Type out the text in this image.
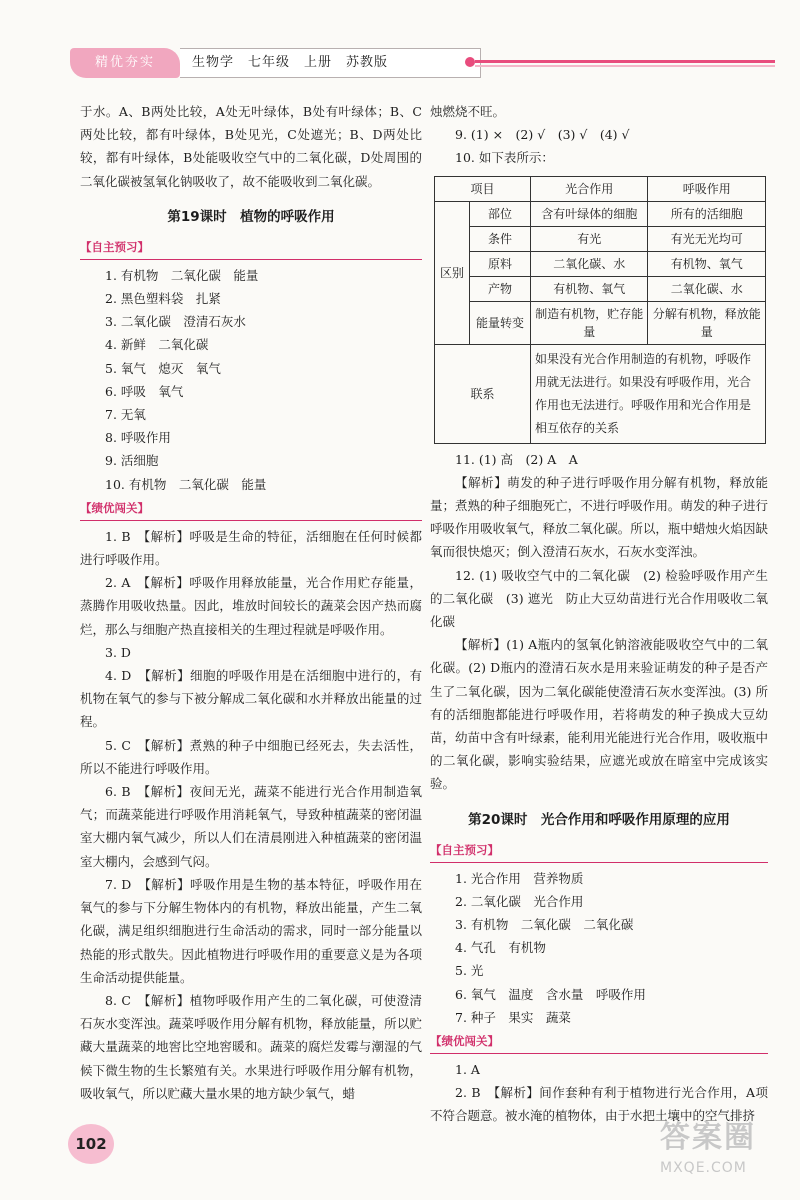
精优夯实	生物学　七年级　上册　苏教版

于水。A、B两处比较，A处无叶绿体，B处有叶绿体；B、C两处比较，都有叶绿体，B处见光，C处遮光；B、D两处比较，都有叶绿体，B处能吸收空气中的二氧化碳，D处周围的二氧化碳被氢氧化钠吸收了，故不能吸收到二氧化碳。

第19课时　植物的呼吸作用
【自主预习】

1. 有机物　二氧化碳　能量

2. 黑色塑料袋　扎紧

3. 二氧化碳　澄清石灰水

4. 新鲜　二氧化碳

5. 氧气　熄灭　氧气

6. 呼吸　氧气

7. 无氧

8. 呼吸作用

9. 活细胞

10. 有机物　二氧化碳　能量

【绩优闯关】

1. B　【解析】呼吸是生命的特征，活细胞在任何时候都进行呼吸作用。

2. A　【解析】呼吸作用释放能量，光合作用贮存能量，蒸腾作用吸收热量。因此，堆放时间较长的蔬菜会因产热而腐烂，那么与细胞产热直接相关的生理过程就是呼吸作用。

3. D

4. D　【解析】细胞的呼吸作用是在活细胞中进行的，有机物在氧气的参与下被分解成二氧化碳和水并释放出能量的过程。

5. C　【解析】煮熟的种子中细胞已经死去，失去活性，所以不能进行呼吸作用。

6. B　【解析】夜间无光，蔬菜不能进行光合作用制造氧气；而蔬菜能进行呼吸作用消耗氧气，导致种植蔬菜的密闭温室大棚内氧气减少，所以人们在清晨刚进入种植蔬菜的密闭温室大棚内，会感到气闷。

7. D　【解析】呼吸作用是生物的基本特征，呼吸作用在氧气的参与下分解生物体内的有机物，释放出能量，产生二氧化碳，满足组织细胞进行生命活动的需求，同时一部分能量以热能的形式散失。因此植物进行呼吸作用的重要意义是为各项生命活动提供能量。

8. C　【解析】植物呼吸作用产生的二氧化碳，可使澄清石灰水变浑浊。蔬菜呼吸作用分解有机物，释放能量，所以贮藏大量蔬菜的地窖比空地窖暖和。蔬菜的腐烂发霉与潮湿的气候下微生物的生长繁殖有关。水果进行呼吸作用分解有机物，吸收氧气，所以贮藏大量水果的地方缺少氧气，蜡

烛燃烧不旺。

9. (1) ×　(2) √　(3) √　(4) √

10. 如下表所示：

项目		光合作用	呼吸作用
区别	部位	含有叶绿体的细胞	所有的活细胞
	条件	有光	有光无光均可
	原料	二氧化碳、水	有机物、氧气
	产物	有机物、氧气	二氧化碳、水
	能量转变	制造有机物，贮存能量	分解有机物，释放能量
联系		如果没有光合作用制造的有机物，呼吸作用就无法进行。如果没有呼吸作用，光合作用也无法进行。呼吸作用和光合作用是相互依存的关系	

11. (1) 高　(2) A　A

【解析】萌发的种子进行呼吸作用分解有机物，释放能量；煮熟的种子细胞死亡，不进行呼吸作用。萌发的种子进行呼吸作用吸收氧气，释放二氧化碳。所以，瓶中蜡烛火焰因缺氧而很快熄灭；倒入澄清石灰水，石灰水变浑浊。

12. (1) 吸收空气中的二氧化碳　(2) 检验呼吸作用产生的二氧化碳　(3) 遮光　防止大豆幼苗进行光合作用吸收二氧化碳

【解析】(1) A瓶内的氢氧化钠溶液能吸收空气中的二氧化碳。(2) D瓶内的澄清石灰水是用来验证萌发的种子是否产生了二氧化碳，因为二氧化碳能使澄清石灰水变浑浊。(3) 所有的活细胞都能进行呼吸作用，若将萌发的种子换成大豆幼苗，幼苗中含有叶绿素，能利用光能进行光合作用，吸收瓶中的二氧化碳，影响实验结果，应遮光或放在暗室中完成该实验。

第20课时　光合作用和呼吸作用原理的应用
【自主预习】

1. 光合作用　营养物质

2. 二氧化碳　光合作用

3. 有机物　二氧化碳　二氧化碳

4. 气孔　有机物

5. 光

6. 氧气　温度　含水量　呼吸作用

7. 种子　果实　蔬菜

【绩优闯关】

1. A

2. B　【解析】间作套种有利于植物进行光合作用，A项不符合题意。被水淹的植物体，由于水把土壤中的空气排挤

102	答案圈
MXQE.COM
